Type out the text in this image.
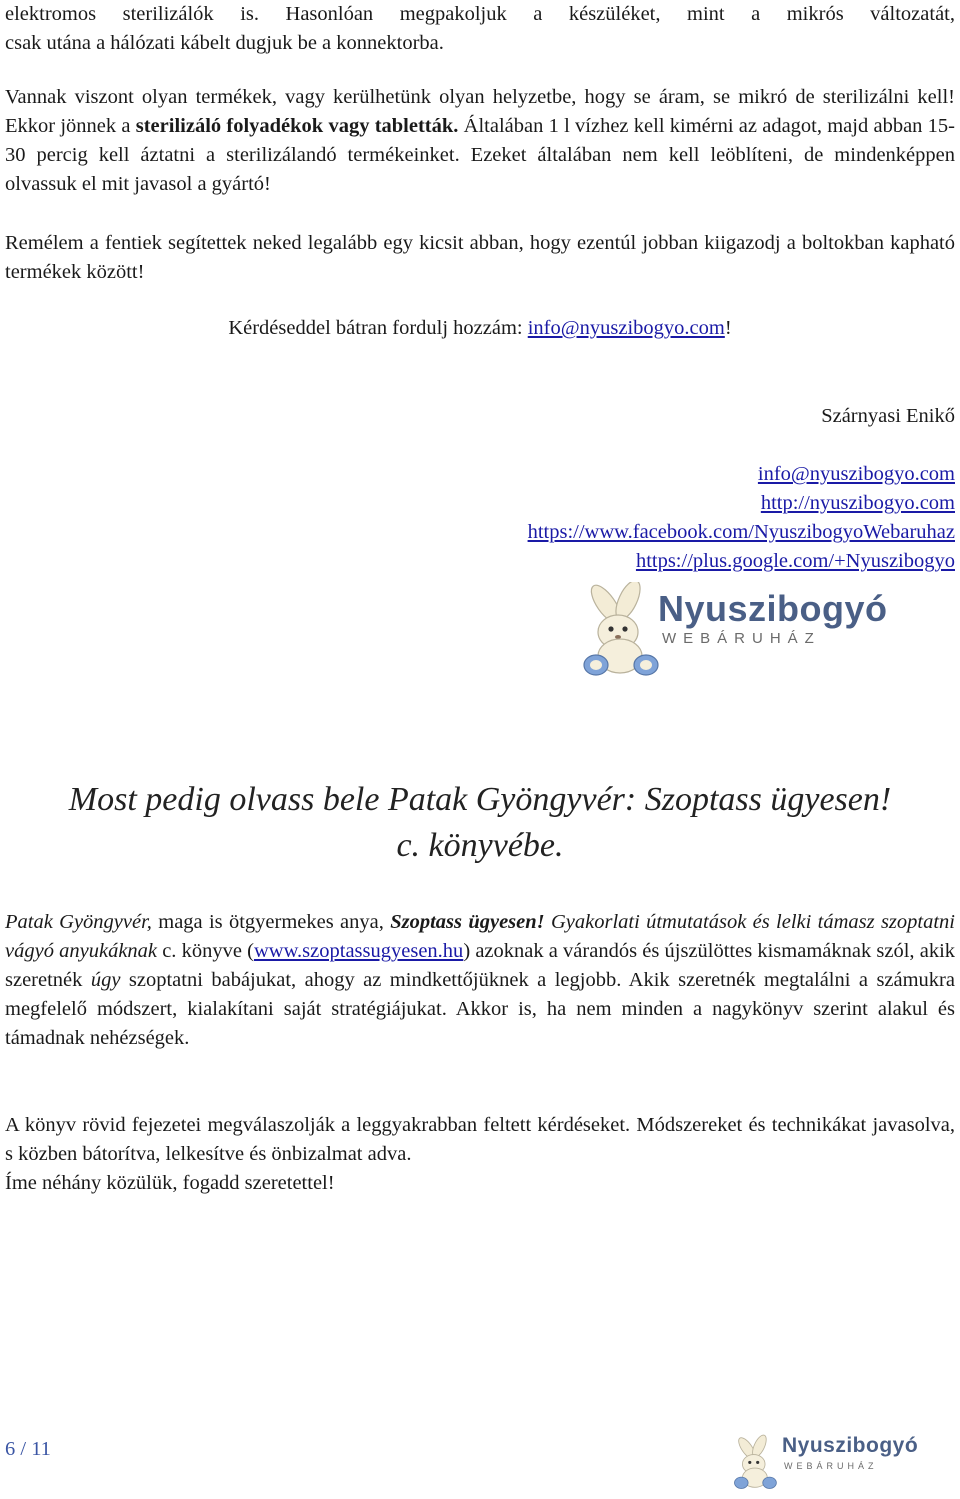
elektromos sterilizálók is. Hasonlóan megpakoljuk a készüléket, mint a mikrós változatát,
csak utána a hálózati kábelt dugjuk be a konnektorba.

Vannak viszont olyan termékek, vagy kerülhetünk olyan helyzetbe, hogy se áram, se mikró de sterilizálni kell! Ekkor jönnek a sterilizáló folyadékok vagy tabletták. Általában 1 l vízhez kell kimérni az adagot, majd abban 15-30 percig kell áztatni a sterilizálandó termékeinket. Ezeket általában nem kell leöblíteni, de mindenképpen olvassuk el mit javasol a gyártó!

Remélem a fentiek segítettek neked legalább egy kicsit abban, hogy ezentúl jobban kiigazodj a boltokban kapható termékek között!

Kérdéseddel bátran fordulj hozzám: info@nyuszibogyo.com!
Szárnyasi Enikő
info@nyuszibogyo.com
http://nyuszibogyo.com
https://www.facebook.com/NyuszibogyoWebaruhaz
https://plus.google.com/+Nyuszibogyo
Nyuszibogyó
WEBÁRUHÁZ
Most pedig olvass bele Patak Gyöngyvér: Szoptass ügyesen!
c. könyvébe.

Patak Gyöngyvér, maga is ötgyermekes anya, Szoptass ügyesen! Gyakorlati útmutatások és lelki támasz szoptatni vágyó anyukáknak c. könyve (www.szoptassugyesen.hu) azoknak a várandós és újszülöttes kismamáknak szól, akik szeretnék úgy szoptatni babájukat, ahogy az mindkettőjüknek a legjobb. Akik szeretnék megtalálni a számukra megfelelő módszert, kialakítani saját stratégiájukat. Akkor is, ha nem minden a nagykönyv szerint alakul és támadnak nehézségek.

A könyv rövid fejezetei megválaszolják a leggyakrabban feltett kérdéseket. Módszereket és technikákat javasolva, s közben bátorítva, lelkesítve és önbizalmat adva.

Íme néhány közülük, fogadd szeretettel!
6 / 11	Nyuszibogyó
WEBÁRUHÁZ
